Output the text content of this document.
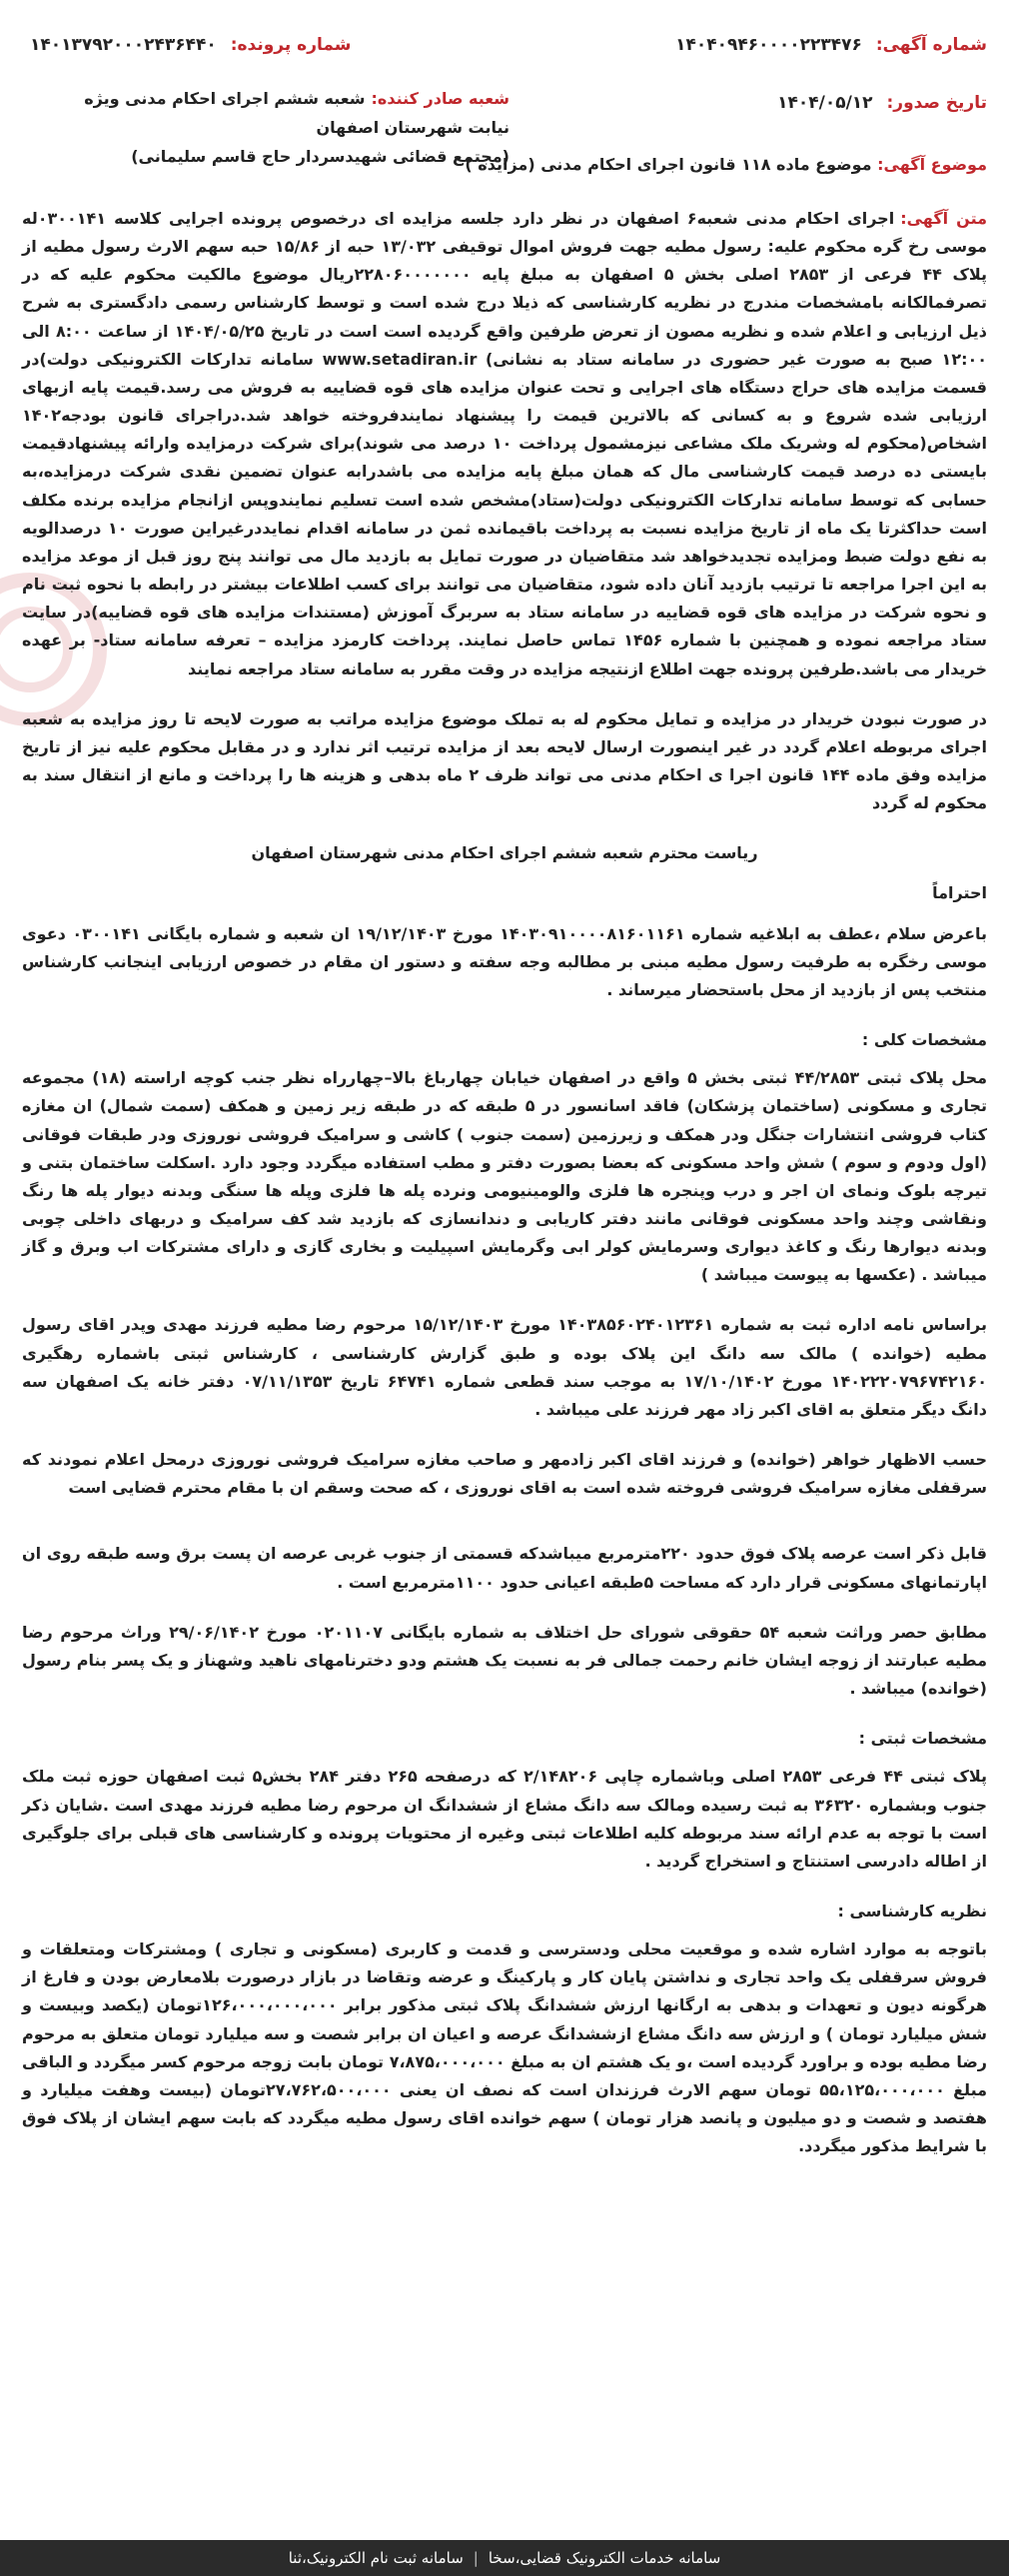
شماره آگهی: ۱۴۰۴۰۹۴۶۰۰۰۰۲۲۳۴۷۶
شماره پرونده: ۱۴۰۱۳۷۹۲۰۰۰۲۴۳۶۴۴۰
تاریخ صدور: ۱۴۰۴/۰۵/۱۲
شعبه صادر کننده:شعبه ششم اجرای احکام مدنی ویژه نیابت شهرستان اصفهان
(مجتمع قضائی شهیدسردار حاج قاسم سلیمانی)	موضوع آگهی: موضوع ماده ۱۱۸ قانون اجرای احکام مدنی (مزایده )

متن آگهی:اجرای احکام مدنی شعبه۶ اصفهان در نظر دارد جلسه مزایده ای درخصوص پرونده اجرایی کلاسه ۰۳۰۰۱۴۱له موسی رخ گره محکوم علیه: رسول مطیه جهت فروش اموال توقیفی ۱۳/۰۳۲ حبه از ۱۵/۸۶ حبه سهم الارث رسول مطیه از پلاک ۴۴ فرعی از ۲۸۵۳ اصلی بخش ۵ اصفهان به مبلغ پایه ۲۲۸۰۶۰۰۰۰۰۰۰ریال موضوع مالکیت محکوم علیه که در تصرفمالکانه بامشخصات مندرج در نظریه کارشناسی که ذیلا درج شده است و توسط کارشناس رسمی دادگستری به شرح ذیل ارزیابی و اعلام شده و نظریه مصون از تعرض طرفین واقع گردیده است است در تاریخ ۱۴۰۴/۰۵/۲۵ از ساعت ۸:۰۰ الی ۱۲:۰۰ صبح به صورت غیر حضوری در سامانه ستاد به نشانی) www.setadiran.ir سامانه تدارکات الکترونیکی دولت)در قسمت مزایده های حراج دستگاه های اجرایی و تحت عنوان مزایده های قوه قضاییه به فروش می رسد.قیمت پایه ازبهای ارزیابی شده شروع و به کسانی که بالاترین قیمت را پیشنهاد نمایندفروخته خواهد شد.دراجرای قانون بودجه۱۴۰۲ اشخاص(محکوم له وشریک ملک مشاعی نیزمشمول پرداخت ۱۰ درصد می شوند)برای شرکت درمزایده وارائه پیشنهادقیمت بایستی ده درصد قیمت کارشناسی مال که همان مبلغ پایه مزایده می باشدرابه عنوان تضمین نقدی شرکت درمزایده،به حسابی که توسط سامانه تدارکات الکترونیکی دولت(ستاد)مشخص شده است تسلیم نمایندوپس ازانجام مزایده برنده مکلف است حداکثرتا یک ماه از تاریخ مزایده نسبت به پرداخت باقیمانده ثمن در سامانه اقدام نمایددرغیراین صورت ۱۰ درصدالویه به نفع دولت ضبط ومزایده تجدیدخواهد شد متقاضیان در صورت تمایل به بازدید مال می توانند پنج روز قبل از موعد مزایده به این اجرا مراجعه تا ترتیب بازدید آنان داده شود، متقاضیان می توانند برای کسب اطلاعات بیشتر در رابطه با نحوه ثبت نام و نحوه شرکت در مزایده های قوه قضاییه در سامانه ستاد به سربرگ آموزش (مستندات مزایده های قوه قضاییه)در سایت ستاد مراجعه نموده و همچنین با شماره ۱۴۵۶ تماس حاصل نمایند. پرداخت کارمزد مزایده – تعرفه سامانه ستاد- بر عهده خریدار می باشد.طرفین پرونده جهت اطلاع ازنتیجه مزایده در وقت مقرر به سامانه ستاد مراجعه نمایند

در صورت نبودن خریدار در مزایده و تمایل محکوم له به تملک موضوع مزایده مراتب به صورت لایحه تا روز مزایده به شعبه اجرای مربوطه اعلام گردد در غیر اینصورت ارسال لایحه بعد از مزایده ترتیب اثر ندارد و در مقابل محکوم علیه نیز از تاریخ مزایده وفق ماده ۱۴۴ قانون اجرا ی احکام مدنی می تواند ظرف ۲ ماه بدهی و هزینه ها را پرداخت و مانع از انتقال سند به محکوم له گردد

ریاست محترم شعبه ششم اجرای احکام مدنی شهرستان اصفهان

احتراماً

باعرض سلام ،عطف به ابلاغیه شماره ۱۴۰۳۰۹۱۰۰۰۰۸۱۶۰۱۱۶۱ مورخ ۱۹/۱۲/۱۴۰۳ ان شعبه و شماره بایگانی ۰۳۰۰۱۴۱ دعوی موسی رخگره به طرفیت رسول مطیه مبنی بر مطالبه وجه سفته و دستور ان مقام در خصوص ارزیابی اینجانب کارشناس منتخب پس از بازدید از محل باستحضار میرساند .

مشخصات کلی :

محل پلاک ثبتی ۴۴/۲۸۵۳ ثبتی بخش ۵ واقع در اصفهان خیابان چهارباغ بالا–چهارراه نظر جنب کوچه اراسته (۱۸) مجموعه تجاری و مسکونی (ساختمان پزشکان) فاقد اسانسور در ۵ طبقه که در طبقه زیر زمین و همکف (سمت شمال) ان مغازه کتاب فروشی انتشارات جنگل ودر همکف و زیرزمین (سمت جنوب ) کاشی و سرامیک فروشی نوروزی ودر طبقات فوقانی (اول ودوم و سوم ) شش واحد مسکونی که بعضا بصورت دفتر و مطب استفاده میگردد وجود دارد .اسکلت ساختمان بتنی و تیرچه بلوک ونمای ان اجر و درب وپنجره ها فلزی والومینیومی ونرده پله ها فلزی وپله ها سنگی وبدنه دیوار پله ها رنگ ونقاشی وچند واحد مسکونی فوقانی مانند دفتر کاریابی و دندانسازی که بازدید شد کف سرامیک و دربهای داخلی چوبی وبدنه دیوارها رنگ و کاغذ دیواری وسرمایش کولر ابی وگرمایش اسپیلیت و بخاری گازی و دارای مشترکات اب وبرق و گاز میباشد . (عکسها به پیوست میباشد )

براساس نامه اداره ثبت به شماره ۱۴۰۳۸۵۶۰۲۴۰۱۲۳۶۱ مورخ ۱۵/۱۲/۱۴۰۳ مرحوم رضا مطیه فرزند مهدی وپدر اقای رسول مطیه (خوانده ) مالک سه دانگ این پلاک بوده و طبق گزارش کارشناسی ، کارشناس ثبتی باشماره رهگیری ۱۴۰۲۲۲۰۷۹۶۷۴۲۱۶۰ مورخ ۱۷/۱۰/۱۴۰۲ به موجب سند قطعی شماره ۶۴۷۴۱ تاریخ ۰۷/۱۱/۱۳۵۳ دفتر خانه یک اصفهان سه دانگ دیگر متعلق به اقای اکبر زاد مهر فرزند علی میباشد .

حسب الاظهار خواهر (خوانده) و فرزند اقای اکبر زادمهر و صاحب مغازه سرامیک فروشی نوروزی درمحل اعلام نمودند که سرقفلی مغازه سرامیک فروشی فروخته شده است به اقای نوروزی ، که صحت وسقم ان با مقام محترم قضایی است

قابل ذکر است عرصه پلاک فوق حدود ۲۲۰مترمربع میباشدکه قسمتی از جنوب غربی عرصه ان پست برق وسه طبقه روی ان اپارتمانهای مسکونی قرار دارد که مساحت ۵طبقه اعیانی حدود ۱۱۰۰مترمربع است .

مطابق حصر وراثت شعبه ۵۴ حقوقی شورای حل اختلاف به شماره بایگانی ۰۲۰۱۱۰۷ مورخ ۲۹/۰۶/۱۴۰۲ وراث مرحوم رضا مطیه عبارتند از زوجه ایشان خانم رحمت جمالی فر به نسبت یک هشتم ودو دخترنامهای ناهید وشهناز و یک پسر بنام رسول (خوانده) میباشد .

مشخصات ثبتی :

پلاک ثبتی ۴۴ فرعی ۲۸۵۳ اصلی وباشماره چاپی ۲/۱۴۸۲۰۶ که درصفحه ۲۶۵ دفتر ۲۸۴ بخش۵ ثبت اصفهان حوزه ثبت ملک جنوب وبشماره ۳۶۳۲۰ به ثبت رسیده ومالک سه دانگ مشاع از ششدانگ ان مرحوم رضا مطیه فرزند مهدی است .شایان ذکر است با توجه به عدم ارائه سند مربوطه کلیه اطلاعات ثبتی وغیره از محتویات پرونده و کارشناسی های قبلی برای جلوگیری از اطاله دادرسی استنتاج و استخراج گردید .

نظریه کارشناسی :

باتوجه به موارد اشاره شده و موقعیت محلی ودسترسی و قدمت و کاربری (مسکونی و تجاری ) ومشترکات ومتعلقات و فروش سرقفلی یک واحد تجاری و نداشتن پایان کار و پارکینگ و عرضه وتقاضا در بازار درصورت بلامعارض بودن و فارغ از هرگونه دیون و تعهدات و بدهی به ارگانها ارزش ششدانگ پلاک ثبتی مذکور برابر ۱۲۶،۰۰۰،۰۰۰،۰۰۰تومان (یکصد وبیست و شش میلیارد تومان ) و ارزش سه دانگ مشاع ازششدانگ عرصه و اعیان ان برابر شصت و سه میلیارد تومان متعلق به مرحوم رضا مطیه بوده و براورد گردیده است ،و یک هشتم ان به مبلغ ۷،۸۷۵،۰۰۰،۰۰۰ تومان بابت زوجه مرحوم کسر میگردد و الباقی مبلغ ۵۵،۱۲۵،۰۰۰،۰۰۰ تومان سهم الارث فرزندان است که نصف ان یعنی ۲۷،۷۶۲،۵۰۰،۰۰۰تومان (بیست وهفت میلیارد و هفتصد و شصت و دو میلیون و پانصد هزار تومان ) سهم خوانده اقای رسول مطیه میگردد که بابت سهم ایشان از پلاک فوق با شرایط مذکور میگردد.

سامانه خدمات الکترونیک قضایی،سخا
|
سامانه ثبت نام الکترونیک،ثنا
